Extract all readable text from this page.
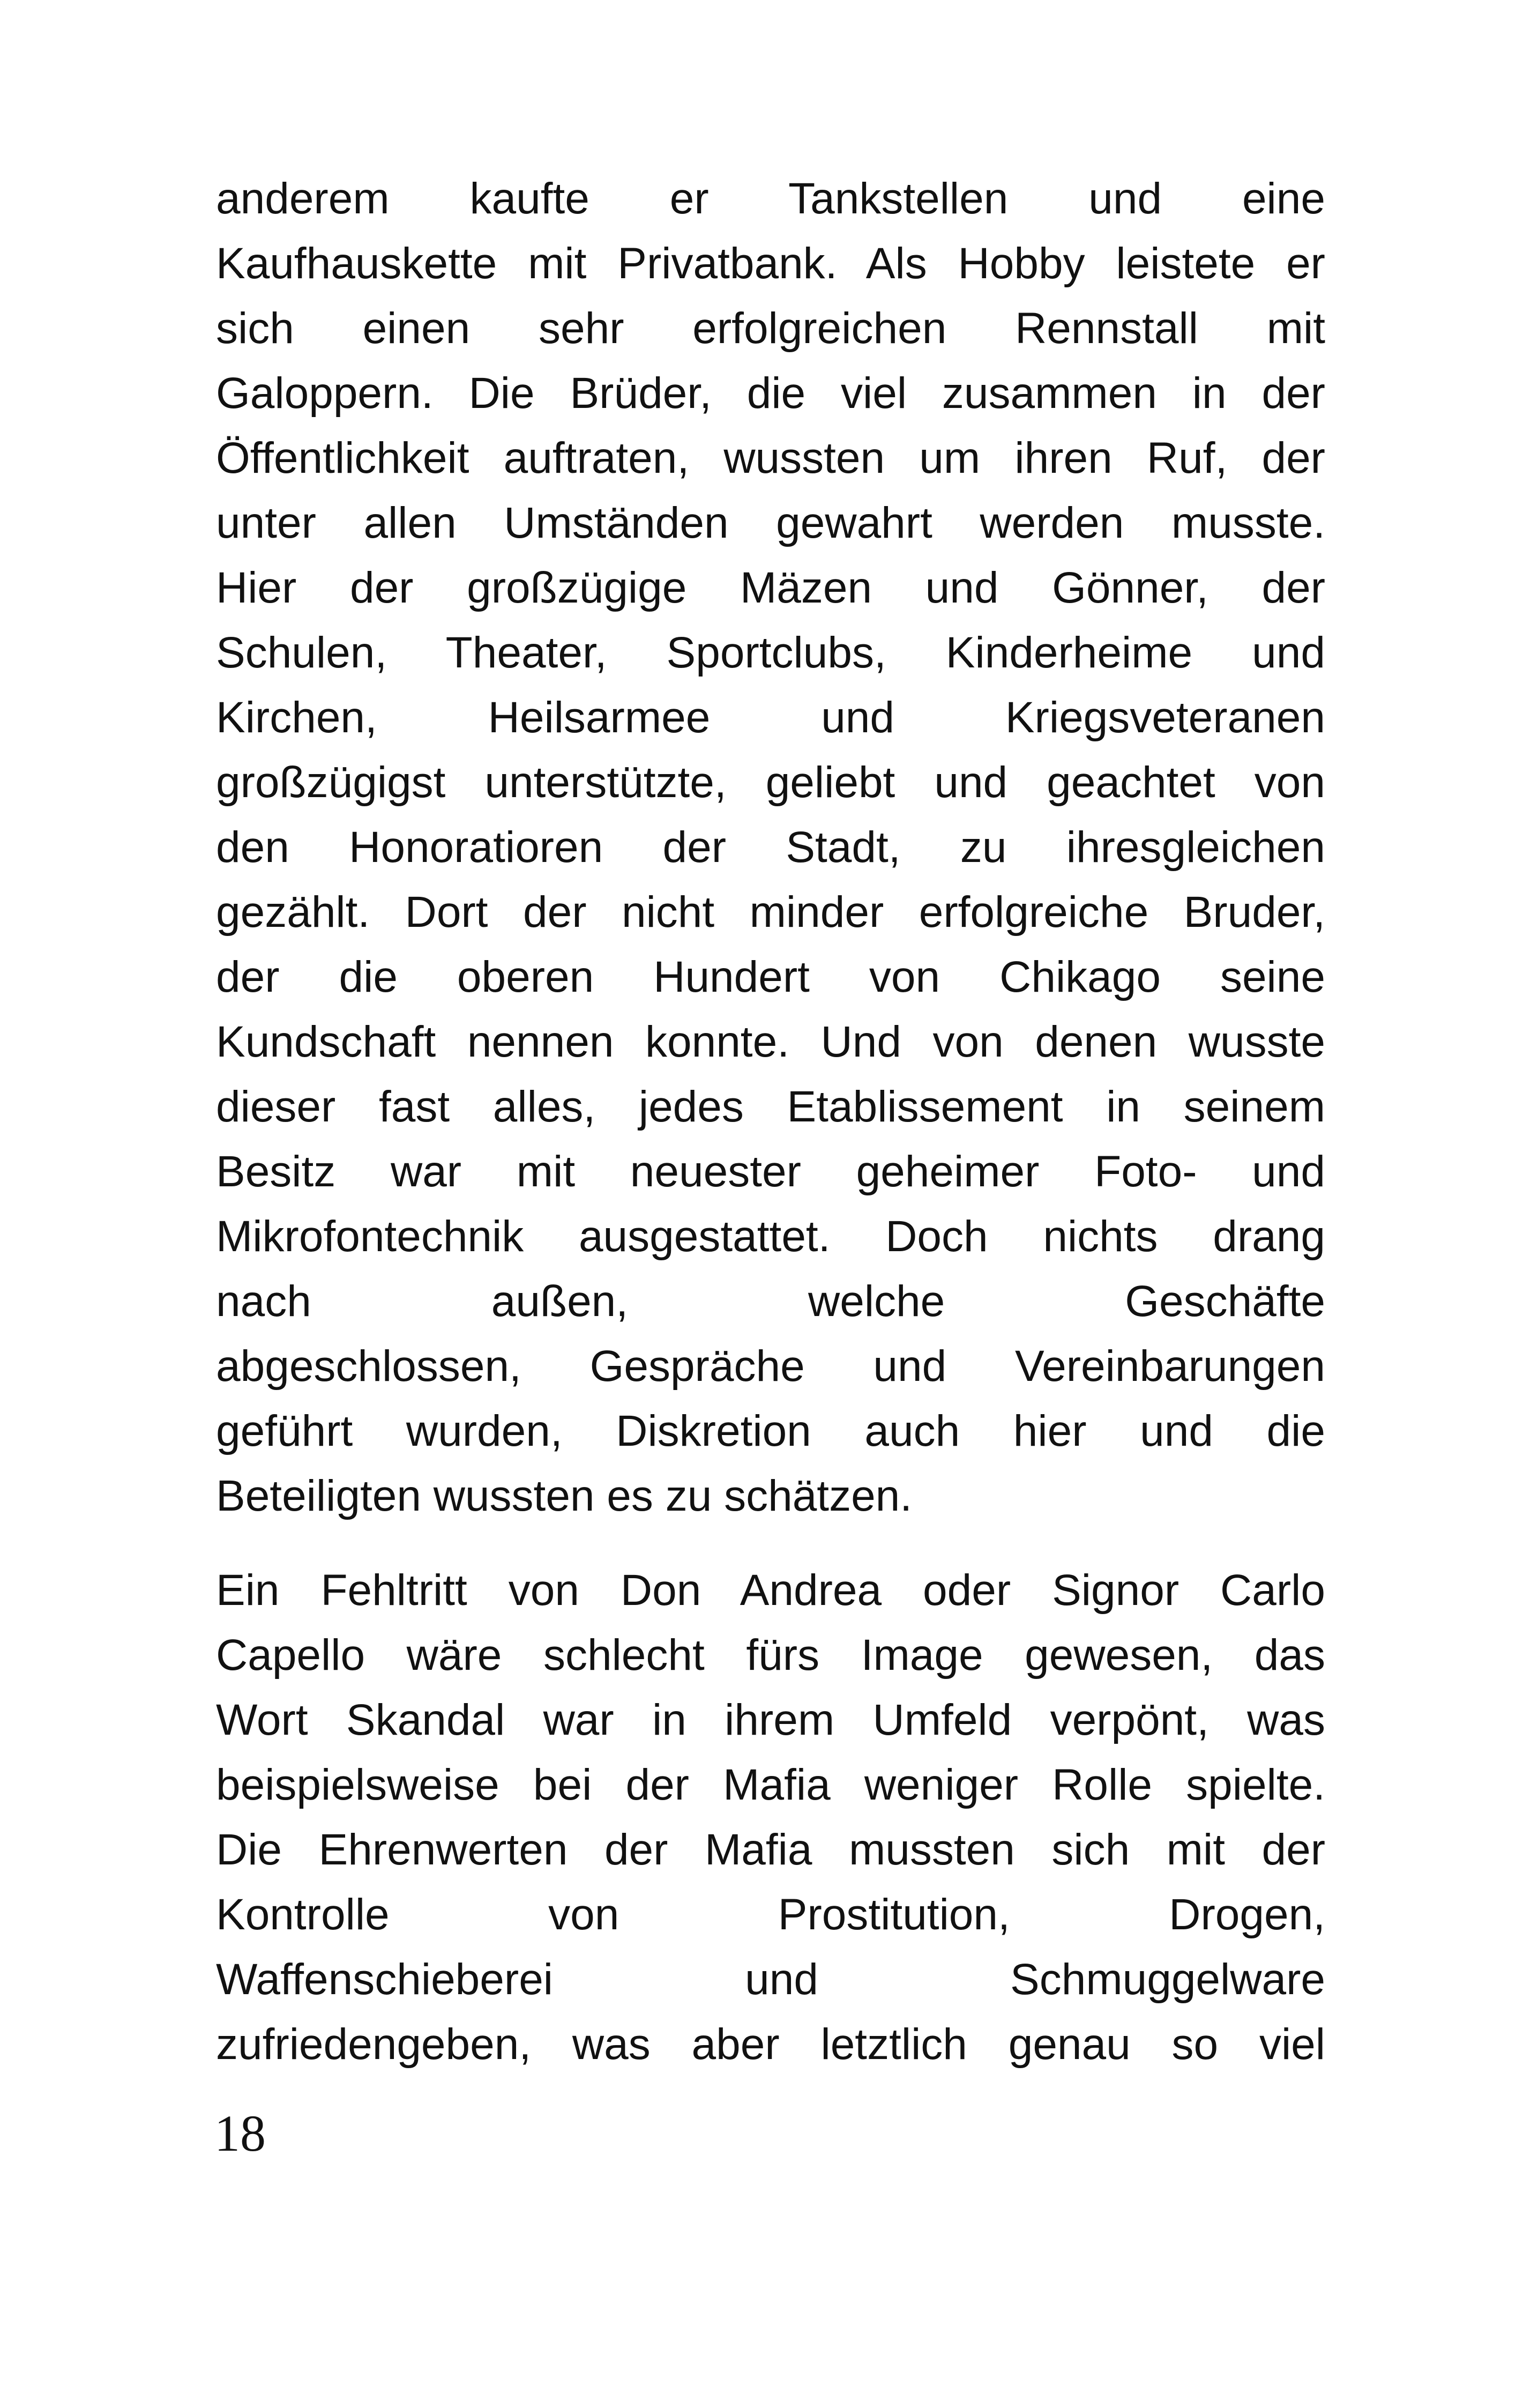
anderem kaufte er Tankstellen und eine
Kaufhauskette mit Privatbank. Als Hobby leistete er
sich einen sehr erfolgreichen Rennstall mit
Galoppern. Die Brüder, die viel zusammen in der
Öffentlichkeit auftraten, wussten um ihren Ruf, der
unter allen Umständen gewahrt werden musste.
Hier der großzügige Mäzen und Gönner, der
Schulen, Theater, Sportclubs, Kinderheime und
Kirchen, Heilsarmee und Kriegsveteranen
großzügigst unterstützte, geliebt und geachtet von
den Honoratioren der Stadt, zu ihresgleichen
gezählt. Dort der nicht minder erfolgreiche Bruder,
der die oberen Hundert von Chikago seine
Kundschaft nennen konnte. Und von denen wusste
dieser fast alles, jedes Etablissement in seinem
Besitz war mit neuester geheimer Foto- und
Mikrofontechnik ausgestattet. Doch nichts drang
nach außen, welche Geschäfte
abgeschlossen, Gespräche und Vereinbarungen
geführt wurden, Diskretion auch hier und die
Beteiligten wussten es zu schätzen.
Ein Fehltritt von Don Andrea oder Signor Carlo
Capello wäre schlecht fürs Image gewesen, das
Wort Skandal war in ihrem Umfeld verpönt, was
beispielsweise bei der Mafia weniger Rolle spielte.
Die Ehrenwerten der Mafia mussten sich mit der
Kontrolle von Prostitution, Drogen,
Waffenschieberei und Schmuggelware
zufriedengeben, was aber letztlich genau so viel
18
